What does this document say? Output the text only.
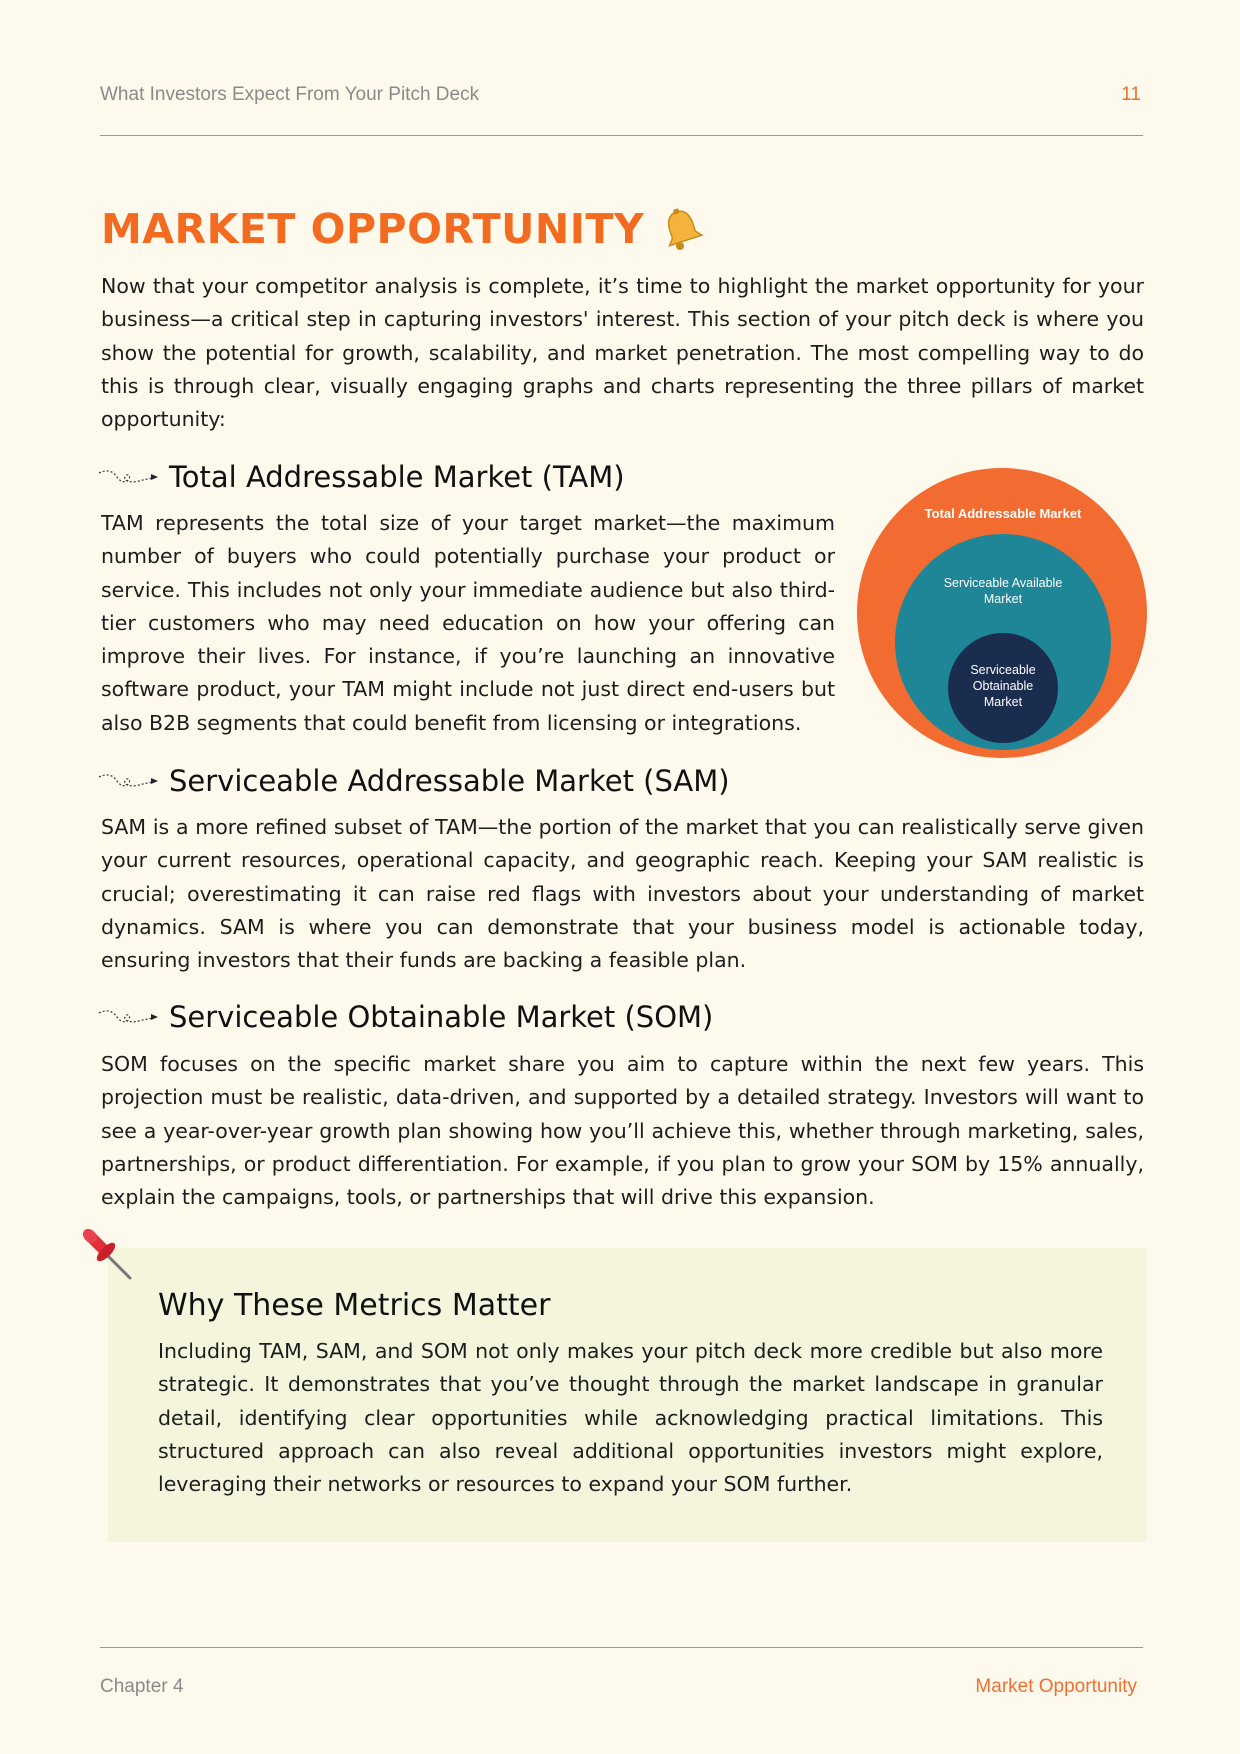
What Investors Expect From Your Pitch Deck	11
MARKET OPPORTUNITY

Now that your competitor analysis is complete, it’s time to highlight the market opportunity for your business—a critical step in capturing investors' interest. This section of your pitch deck is where you show the potential for growth, scalability, and market penetration. The most compelling way to do this is through clear, visually engaging graphs and charts representing the three pillars of market opportunity:

Total Addressable Market (TAM)

TAM represents the total size of your target market—the maximum number of buyers who could potentially purchase your product or service. This includes not only your immediate audience but also third-tier customers who may need education on how your offering can improve their lives. For instance, if you’re launching an innovative software product, your TAM might include not just direct end-users but also B2B segments that could benefit from licensing or integrations.

Total Addressable Market
Serviceable Available Market
Serviceable Obtainable Market
Serviceable Addressable Market (SAM)

SAM is a more refined subset of TAM—the portion of the market that you can realistically serve given your current resources, operational capacity, and geographic reach. Keeping your SAM realistic is crucial; overestimating it can raise red flags with investors about your understanding of market dynamics. SAM is where you can demonstrate that your business model is actionable today, ensuring investors that their funds are backing a feasible plan.

Serviceable Obtainable Market (SOM)

SOM focuses on the specific market share you aim to capture within the next few years. This projection must be realistic, data-driven, and supported by a detailed strategy. Investors will want to see a year-over-year growth plan showing how you’ll achieve this, whether through marketing, sales, partnerships, or product differentiation. For example, if you plan to grow your SOM by 15% annually, explain the campaigns, tools, or partnerships that will drive this expansion.

Why These Metrics Matter

Including TAM, SAM, and SOM not only makes your pitch deck more credible but also more strategic. It demonstrates that you’ve thought through the market landscape in granular detail, identifying clear opportunities while acknowledging practical limitations. This structured approach can also reveal additional opportunities investors might explore, leveraging their networks or resources to expand your SOM further.

Chapter 4	Market Opportunity
